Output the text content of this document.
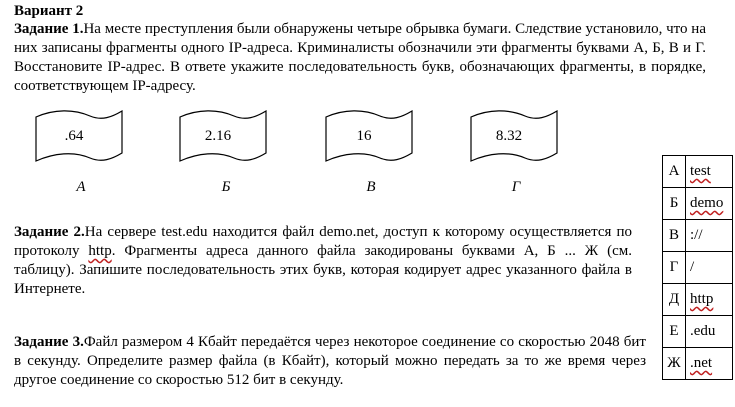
Вариант 2
Задание 1.На месте преступления были обнаружены четыре обрывка бумаги. Следствие установило, что на них записаны фрагменты одного IP-адреса. Криминалисты обозначили эти фрагменты буквами А, Б, В и Г. Восстановите IP-адрес. В ответе укажите последовательность букв, обозначающих фрагменты, в порядке, соответствующем IP-адресу.
.64	2.16	16	8.32
А	Б	В	Г
Задание 2.На сервере test.edu находится файл demo.net, доступ к которому осуществляется по протоколу http. Фрагменты адреса данного файла закодированы буквами А, Б ... Ж (см. таблицу). Запишите последовательность этих букв, которая кодирует адрес указанного файла в Интернете.
А	test
Б	demo
В	://
Г	/
Д	http
Е	.edu
Ж	.net
Задание 3.Файл размером 4 Кбайт передаётся через некоторое соединение со скоростью 2048 бит в секунду. Определите размер файла (в Кбайт), который можно передать за то же время через другое соединение со скоростью 512 бит в секунду.
